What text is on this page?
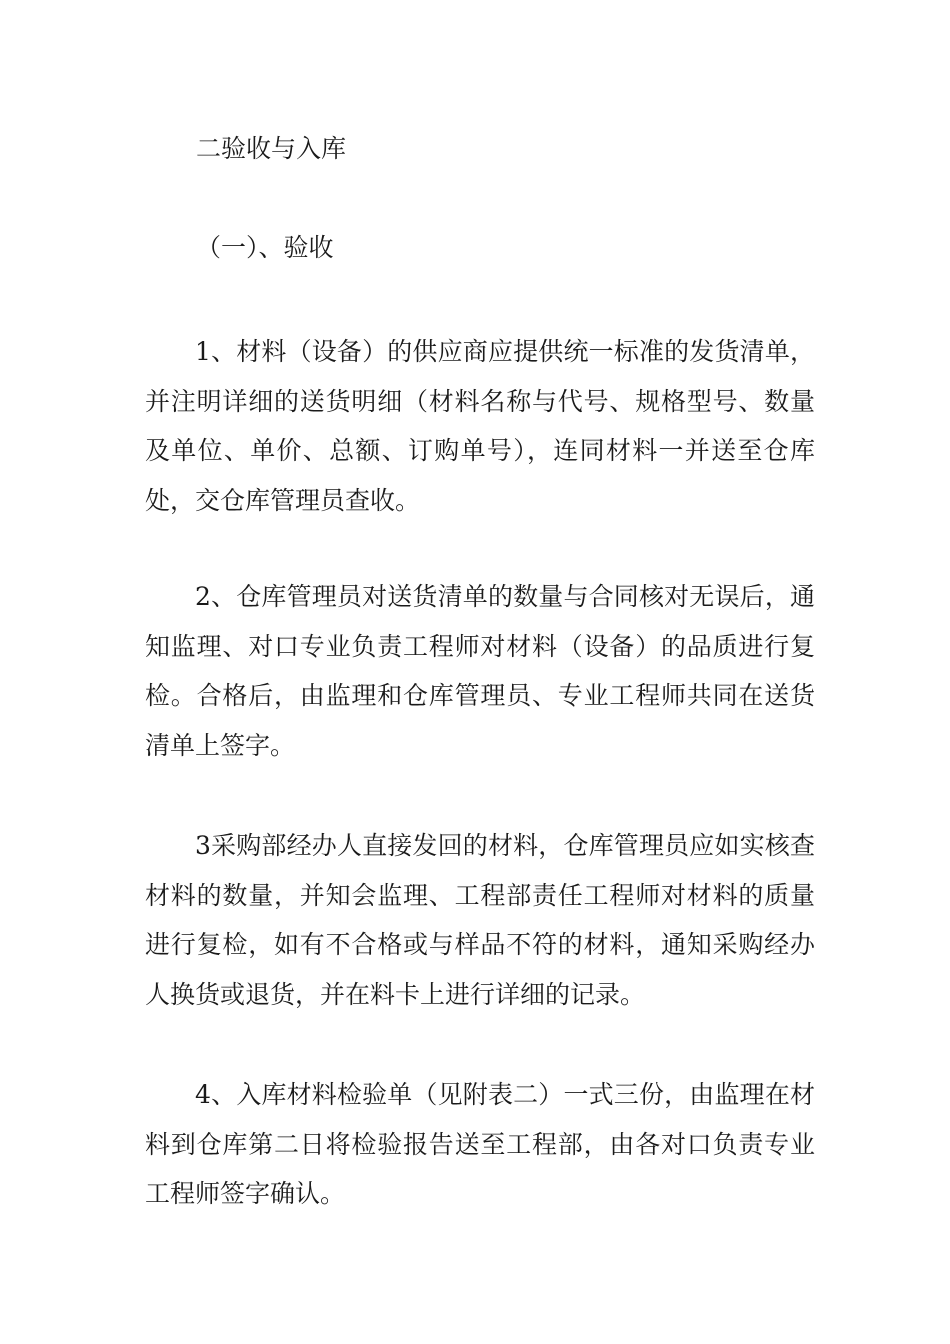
二验收与入库
（一）、验收

1、材料（设备）的供应商应提供统一标准的发货清单，并注明详细的送货明细（材料名称与代号、规格型号、数量及单位、单价、总额、订购单号），连同材料一并送至仓库处，交仓库管理员查收。

2、仓库管理员对送货清单的数量与合同核对无误后，通知监理、对口专业负责工程师对材料（设备）的品质进行复检。合格后，由监理和仓库管理员、专业工程师共同在送货清单上签字。

3采购部经办人直接发回的材料，仓库管理员应如实核查材料的数量，并知会监理、工程部责任工程师对材料的质量进行复检，如有不合格或与样品不符的材料，通知采购经办人换货或退货，并在料卡上进行详细的记录。

4、入库材料检验单（见附表二）一式三份，由监理在材料到仓库第二日将检验报告送至工程部，由各对口负责专业工程师签字确认。
